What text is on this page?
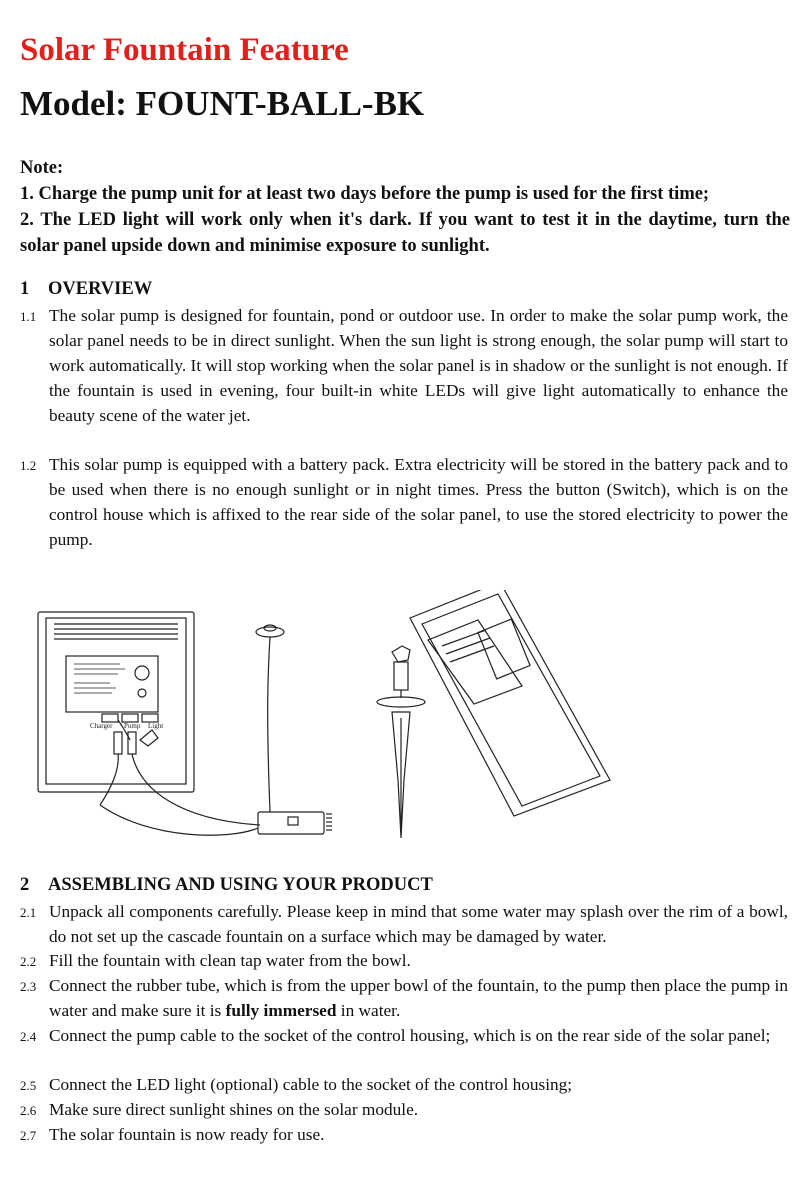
Solar Fountain Feature
Model: FOUNT-BALL-BK
Note:
1. Charge the pump unit for at least two days before the pump is used for the first time;
2. The LED light will work only when it's dark. If you want to test it in the daytime, turn the solar panel upside down and minimise exposure to sunlight.
1 OVERVIEW
1.1 The solar pump is designed for fountain, pond or outdoor use. In order to make the solar pump work, the solar panel needs to be in direct sunlight. When the sun light is strong enough, the solar pump will start to work automatically. It will stop working when the solar panel is in shadow or the sunlight is not enough. If the fountain is used in evening, four built-in white LEDs will give light automatically to enhance the beauty scene of the water jet.
1.2 This solar pump is equipped with a battery pack. Extra electricity will be stored in the battery pack and to be used when there is no enough sunlight or in night times. Press the button (Switch), which is on the control house which is affixed to the rear side of the solar panel, to use the stored electricity to power the pump.
Charger Pump Light
2 ASSEMBLING AND USING YOUR PRODUCT
2.1 Unpack all components carefully. Please keep in mind that some water may splash over the rim of a bowl, do not set up the cascade fountain on a surface which may be damaged by water.
2.2 Fill the fountain with clean tap water from the bowl.
2.3 Connect the rubber tube, which is from the upper bowl of the fountain, to the pump then place the pump in water and make sure it is fully immersed in water.
2.4 Connect the pump cable to the socket of the control housing, which is on the rear side of the solar panel;
2.5 Connect the LED light (optional) cable to the socket of the control housing;
2.6 Make sure direct sunlight shines on the solar module.
2.7 The solar fountain is now ready for use.
